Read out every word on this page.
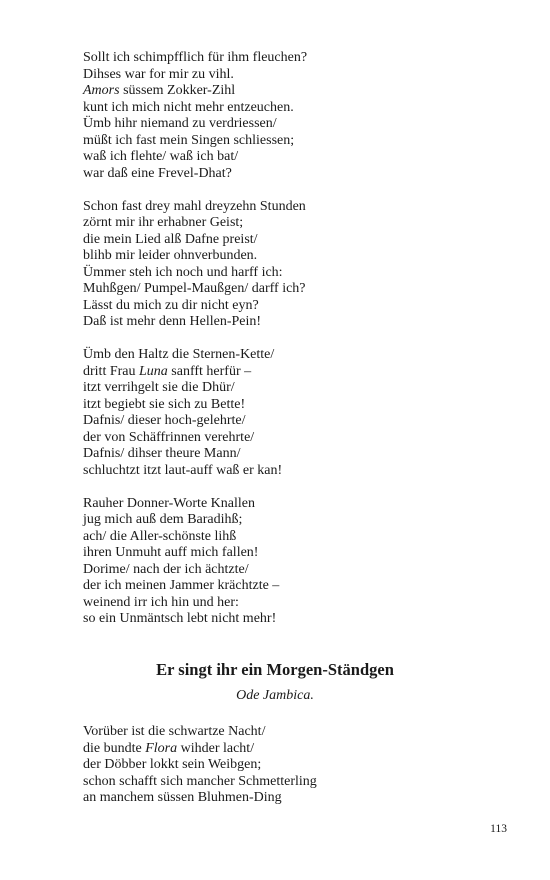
Sollt ich schimpfflich für ihm fleuchen?
Dihses war for mir zu vihl.
Amors süssem Zokker-Zihl
kunt ich mich nicht mehr entzeuchen.
Ümb hihr niemand zu verdriessen/
müßt ich fast mein Singen schliessen;
waß ich flehte/ waß ich bat/
war daß eine Frevel-Dhat?
Schon fast drey mahl dreyzehn Stunden
zörnt mir ihr erhabner Geist;
die mein Lied alß Dafne preist/
blihb mir leider ohnverbunden.
Ümmer steh ich noch und harff ich:
Muhßgen/ Pumpel-Maußgen/ darff ich?
Lässt du mich zu dir nicht eyn?
Daß ist mehr denn Hellen-Pein!
Ümb den Haltz die Sternen-Kette/
dritt Frau Luna sanfft herfür –
itzt verrihgelt sie die Dhür/
itzt begiebt sie sich zu Bette!
Dafnis/ dieser hoch-gelehrte/
der von Schäffrinnen verehrte/
Dafnis/ dihser theure Mann/
schluchtzt itzt laut-auff waß er kan!
Rauher Donner-Worte Knallen
jug mich auß dem Baradihß;
ach/ die Aller-schönste lihß
ihren Unmuht auff mich fallen!
Dorime/ nach der ich ächtzte/
der ich meinen Jammer krächtzte –
weinend irr ich hin und her:
so ein Unmäntsch lebt nicht mehr!
Er singt ihr ein Morgen-Ständgen

Ode Jambica.

Vorüber ist die schwartze Nacht/
die bundte Flora wihder lacht/
der Döbber lokkt sein Weibgen;
schon schafft sich mancher Schmetterling
an manchem süssen Bluhmen-Ding
113
